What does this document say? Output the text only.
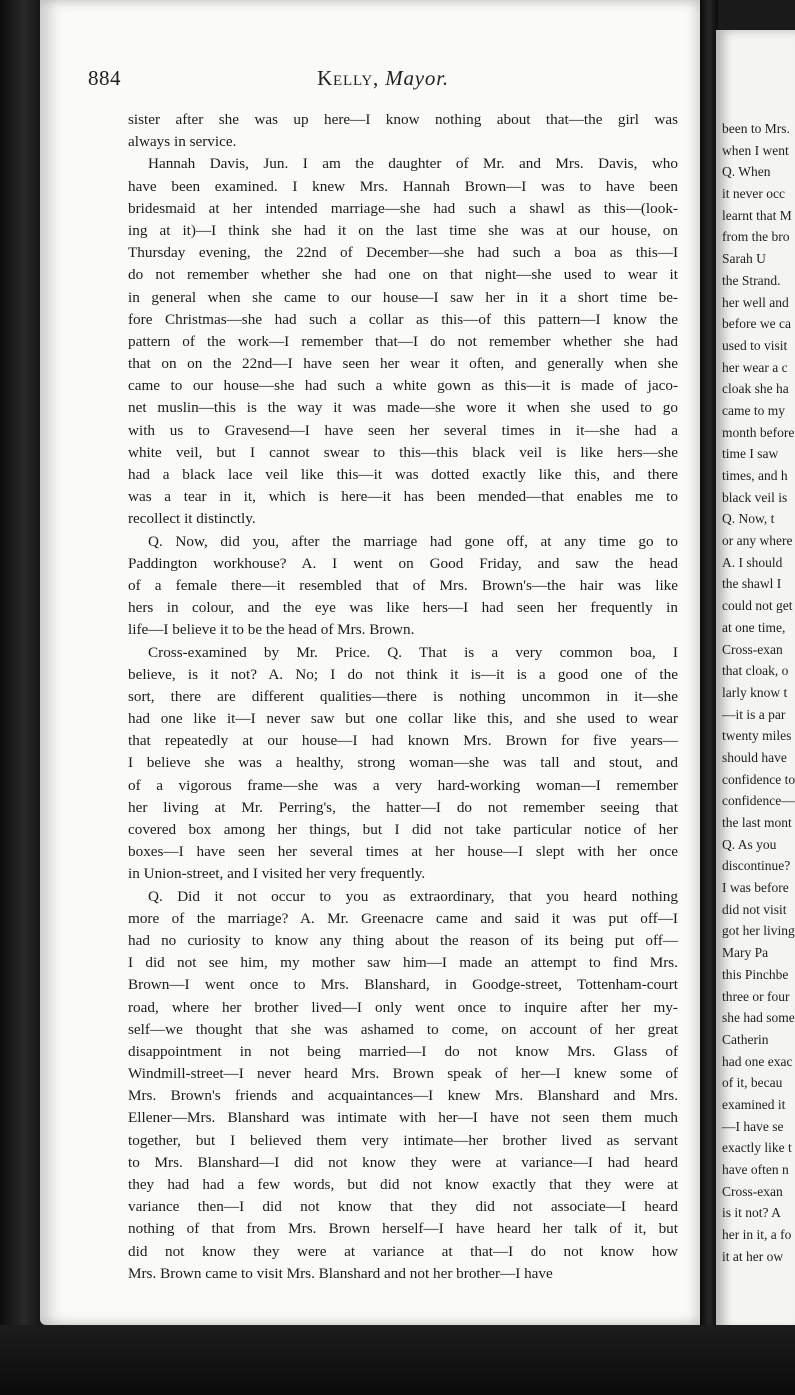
884	Kelly, Mayor.
sister after she was up here—I know nothing about that—the girl was
always in service.
Hannah Davis, Jun. I am the daughter of Mr. and Mrs. Davis, who
have been examined. I knew Mrs. Hannah Brown—I was to have been
bridesmaid at her intended marriage—she had such a shawl as this—(look-
ing at it)—I think she had it on the last time she was at our house, on
Thursday evening, the 22nd of December—she had such a boa as this—I
do not remember whether she had one on that night—she used to wear it
in general when she came to our house—I saw her in it a short time be-
fore Christmas—she had such a collar as this—of this pattern—I know the
pattern of the work—I remember that—I do not remember whether she had
that on on the 22nd—I have seen her wear it often, and generally when she
came to our house—she had such a white gown as this—it is made of jaco-
net muslin—this is the way it was made—she wore it when she used to go
with us to Gravesend—I have seen her several times in it—she had a
white veil, but I cannot swear to this—this black veil is like hers—she
had a black lace veil like this—it was dotted exactly like this, and there
was a tear in it, which is here—it has been mended—that enables me to
recollect it distinctly.
Q. Now, did you, after the marriage had gone off, at any time go to
Paddington workhouse? A. I went on Good Friday, and saw the head
of a female there—it resembled that of Mrs. Brown's—the hair was like
hers in colour, and the eye was like hers—I had seen her frequently in
life—I believe it to be the head of Mrs. Brown.
Cross-examined by Mr. Price. Q. That is a very common boa, I
believe, is it not? A. No; I do not think it is—it is a good one of the
sort, there are different qualities—there is nothing uncommon in it—she
had one like it—I never saw but one collar like this, and she used to wear
that repeatedly at our house—I had known Mrs. Brown for five years—
I believe she was a healthy, strong woman—she was tall and stout, and
of a vigorous frame—she was a very hard-working woman—I remember
her living at Mr. Perring's, the hatter—I do not remember seeing that
covered box among her things, but I did not take particular notice of her
boxes—I have seen her several times at her house—I slept with her once
in Union-street, and I visited her very frequently.
Q. Did it not occur to you as extraordinary, that you heard nothing
more of the marriage? A. Mr. Greenacre came and said it was put off—I
had no curiosity to know any thing about the reason of its being put off—
I did not see him, my mother saw him—I made an attempt to find Mrs.
Brown—I went once to Mrs. Blanshard, in Goodge-street, Tottenham-court
road, where her brother lived—I only went once to inquire after her my-
self—we thought that she was ashamed to come, on account of her great
disappointment in not being married—I do not know Mrs. Glass of
Windmill-street—I never heard Mrs. Brown speak of her—I knew some of
Mrs. Brown's friends and acquaintances—I knew Mrs. Blanshard and Mrs.
Ellener—Mrs. Blanshard was intimate with her—I have not seen them much
together, but I believed them very intimate—her brother lived as servant
to Mrs. Blanshard—I did not know they were at variance—I had heard
they had had a few words, but did not know exactly that they were at
variance then—I did not know that they did not associate—I heard
nothing of that from Mrs. Brown herself—I have heard her talk of it, but
did not know they were at variance at that—I do not know how
Mrs. Brown came to visit Mrs. Blanshard and not her brother—I have
been to Mrs.
when I went
Q. When
it never occ
learnt that M
from the bro
Sarah U
the Strand.
her well and
before we ca
used to visit
her wear a c
cloak she ha
came to my
month before
time I saw
times, and h
black veil is
Q. Now, t
or any where
A. I should
the shawl I
could not get
at one time,
Cross-exan
that cloak, o
larly know t
—it is a par
twenty miles
should have
confidence to
confidence—
the last mont
Q. As you
discontinue?
I was before
did not visit
got her living
Mary Pa
this Pinchbe
three or four
she had some
Catherin
had one exac
of it, becau
examined it
—I have se
exactly like t
have often n
Cross-exan
is it not? A
her in it, a fo
it at her ow
